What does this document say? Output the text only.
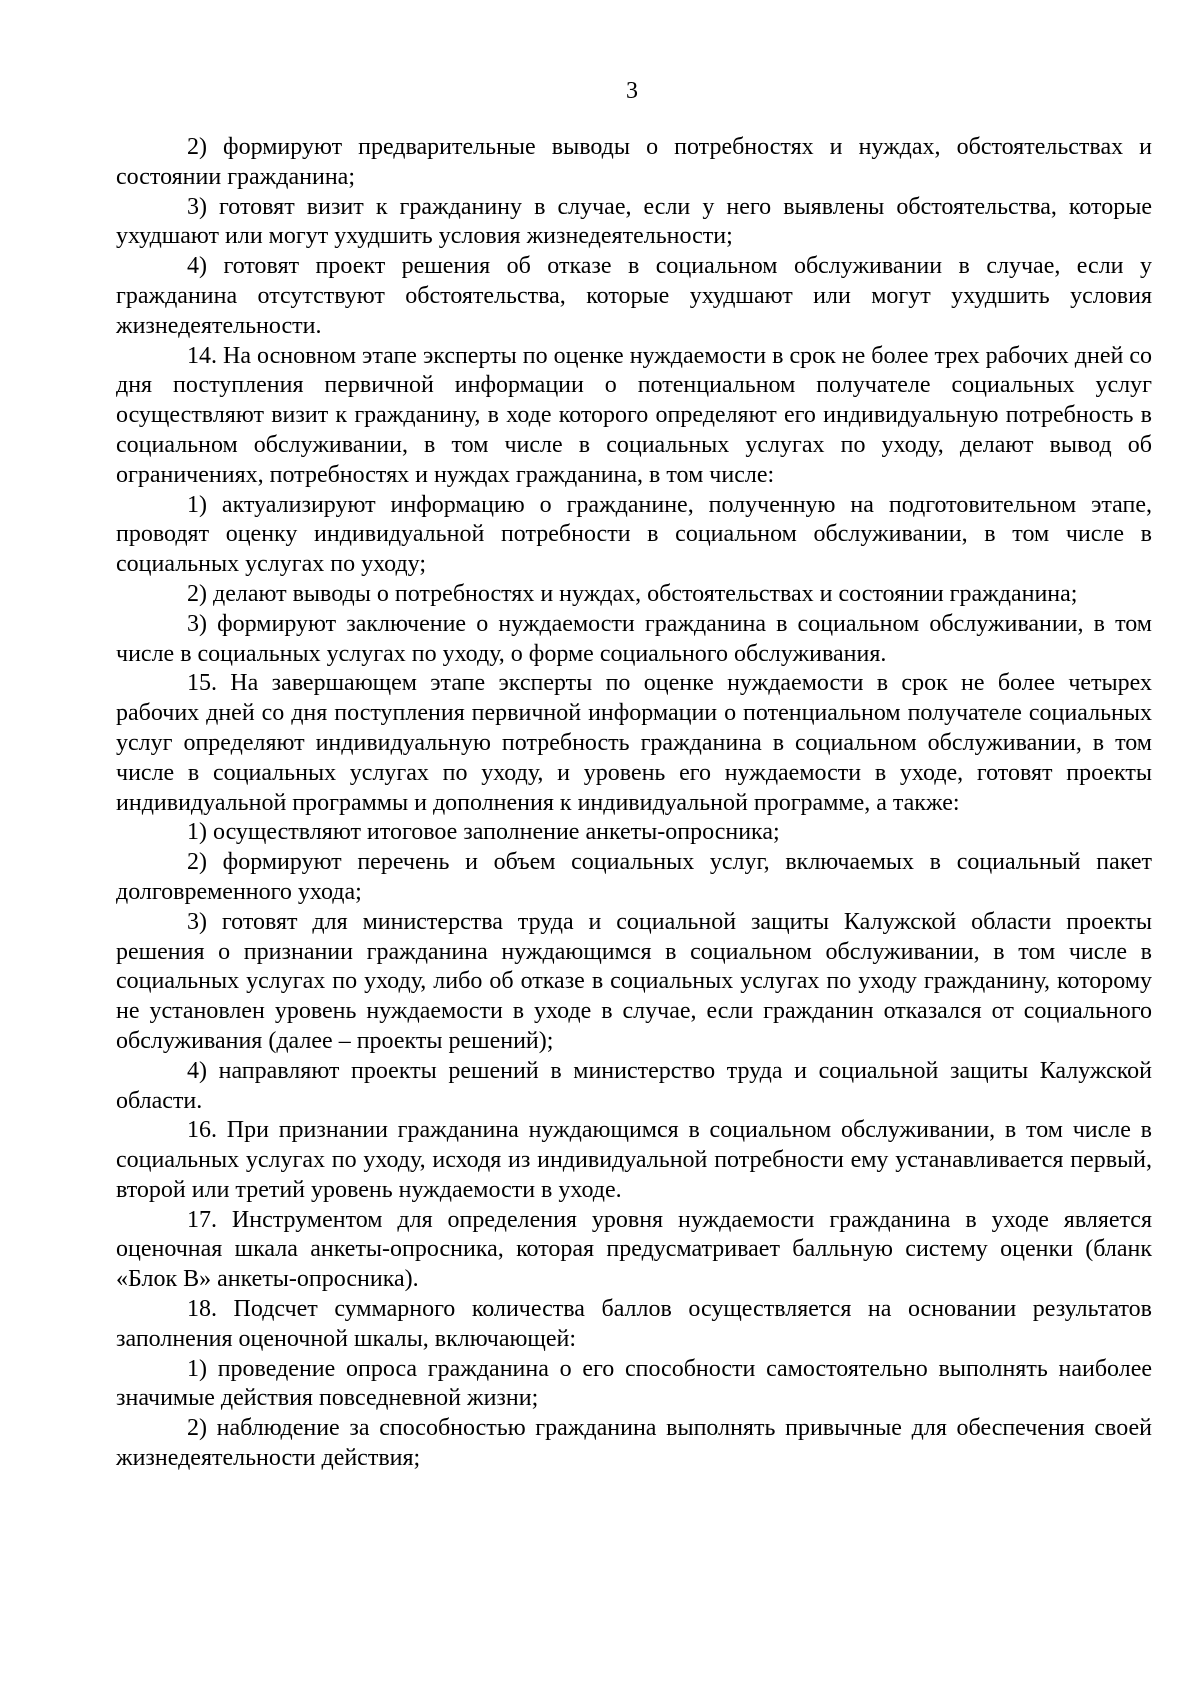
3

2) формируют предварительные выводы о потребностях и нуждах, обстоятельствах и состоянии гражданина;

3) готовят визит к гражданину в случае, если у него выявлены обстоятельства, которые ухудшают или могут ухудшить условия жизнедеятельности;

4) готовят проект решения об отказе в социальном обслуживании в случае, если у гражданина отсутствуют обстоятельства, которые ухудшают или могут ухудшить условия жизнедеятельности.

14. На основном этапе эксперты по оценке нуждаемости в срок не более трех рабочих дней со дня поступления первичной информации о потенциальном получателе социальных услуг осуществляют визит к гражданину, в ходе которого определяют его индивидуальную потребность в социальном обслуживании, в том числе в социальных услугах по уходу, делают вывод об ограничениях, потребностях и нуждах гражданина, в том числе:

1) актуализируют информацию о гражданине, полученную на подготовительном этапе, проводят оценку индивидуальной потребности в социальном обслуживании, в том числе в социальных услугах по уходу;

2) делают выводы о потребностях и нуждах, обстоятельствах и состоянии гражданина;

3) формируют заключение о нуждаемости гражданина в социальном обслуживании, в том числе в социальных услугах по уходу, о форме социального обслуживания.

15. На завершающем этапе эксперты по оценке нуждаемости в срок не более четырех рабочих дней со дня поступления первичной информации о потенциальном получателе социальных услуг определяют индивидуальную потребность гражданина в социальном обслуживании, в том числе в социальных услугах по уходу, и уровень его нуждаемости в уходе, готовят проекты индивидуальной программы и дополнения к индивидуальной программе, а также:

1) осуществляют итоговое заполнение анкеты-опросника;

2) формируют перечень и объем социальных услуг, включаемых в социальный пакет долговременного ухода;

3) готовят для министерства труда и социальной защиты Калужской области проекты решения о признании гражданина нуждающимся в социальном обслуживании, в том числе в социальных услугах по уходу, либо об отказе в социальных услугах по уходу гражданину, которому не установлен уровень нуждаемости в уходе в случае, если гражданин отказался от социального обслуживания (далее – проекты решений);

4) направляют проекты решений в министерство труда и социальной защиты Калужской области.

16. При признании гражданина нуждающимся в социальном обслуживании, в том числе в социальных услугах по уходу, исходя из индивидуальной потребности ему устанавливается первый, второй или третий уровень нуждаемости в уходе.

17. Инструментом для определения уровня нуждаемости гражданина в уходе является оценочная шкала анкеты-опросника, которая предусматривает балльную систему оценки (бланк «Блок В» анкеты-опросника).

18. Подсчет суммарного количества баллов осуществляется на основании результатов заполнения оценочной шкалы, включающей:

1) проведение опроса гражданина о его способности самостоятельно выполнять наиболее значимые действия повседневной жизни;

2) наблюдение за способностью гражданина выполнять привычные для обеспечения своей жизнедеятельности действия;
